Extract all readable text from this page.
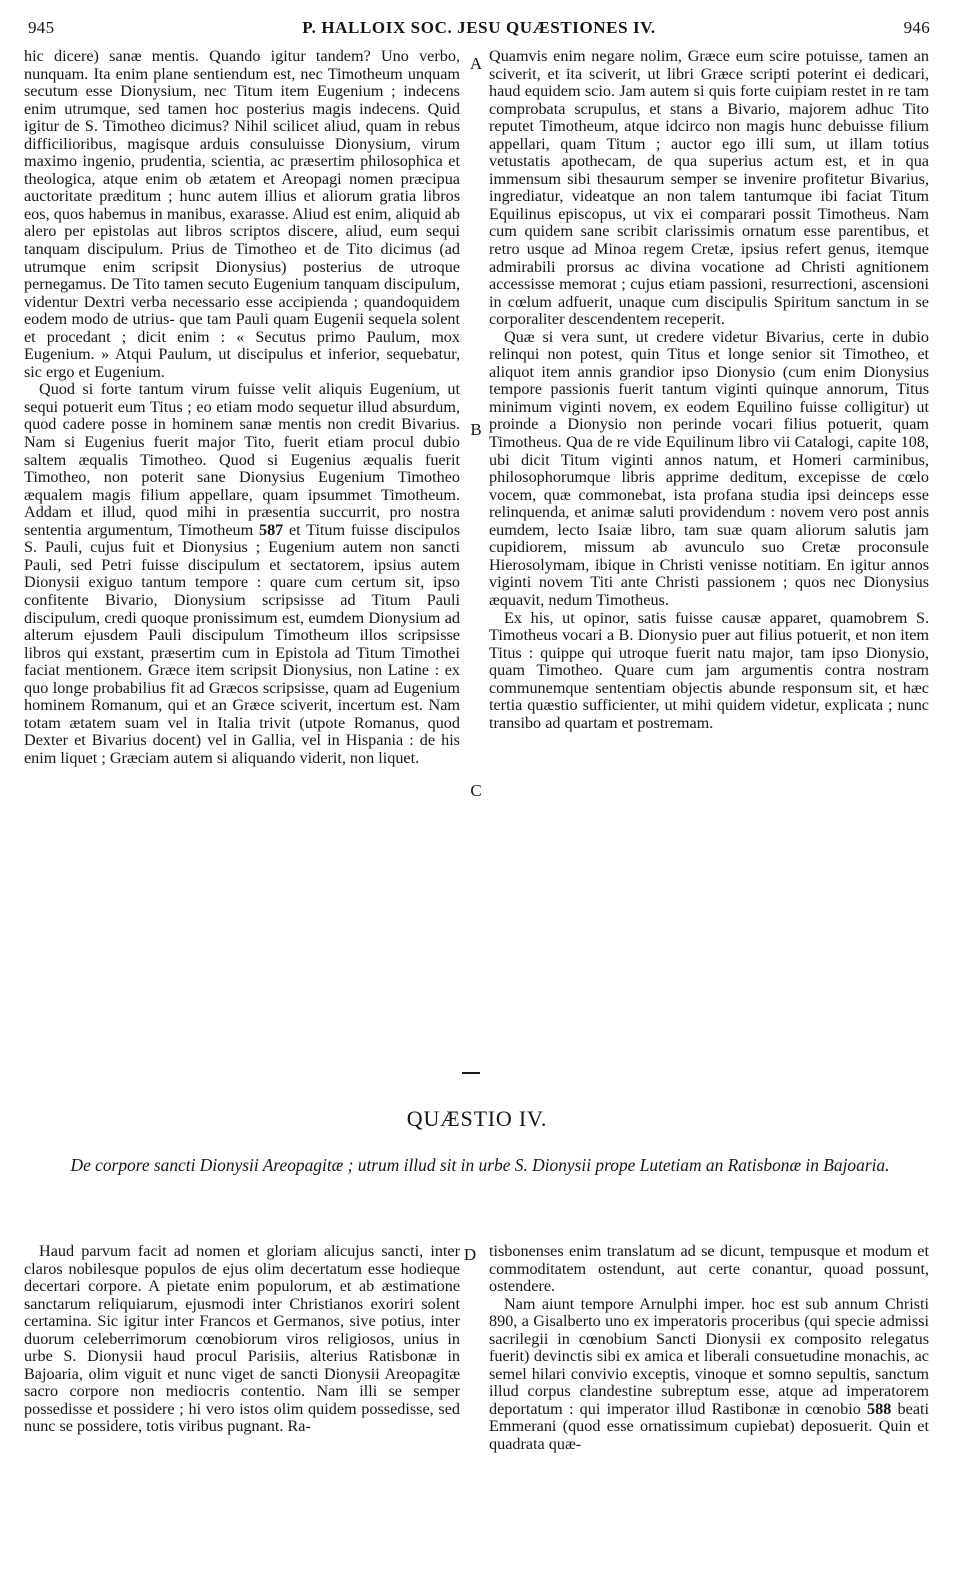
945	P. HALLOIX SOC. JESU QUÆSTIONES IV.	946

hic dicere) sanæ mentis. Quando igitur tandem? Uno verbo, nunquam. Ita enim plane sentiendum est, nec Timotheum unquam secutum esse Dionysium, nec Titum item Eugenium ; indecens enim utrumque, sed tamen hoc posterius magis indecens. Quid igitur de S. Timotheo dicimus? Nihil scilicet aliud, quam in rebus difficilioribus, magisque arduis consuluisse Dionysium, virum maximo ingenio, prudentia, scientia, ac præsertim philosophica et theologica, atque enim ob ætatem et Areopagi nomen præcipua auctoritate præditum ; hunc autem illius et aliorum gratia libros eos, quos habemus in manibus, exarasse. Aliud est enim, aliquid ab alero per epistolas aut libros scriptos discere, aliud, eum sequi tanquam discipulum. Prius de Timotheo et de Tito dicimus (ad utrumque enim scripsit Dionysius) posterius de utroque pernegamus. De Tito tamen secuto Eugenium tanquam discipulum, videntur Dextri verba necessario esse accipienda ; quandoquidem eodem modo de utrius- que tam Pauli quam Eugenii sequela solent et procedant ; dicit enim : « Secutus primo Paulum, mox Eugenium. » Atqui Paulum, ut discipulus et inferior, sequebatur, sic ergo et Eugenium.

Quod si forte tantum virum fuisse velit aliquis Eugenium, ut sequi potuerit eum Titus ; eo etiam modo sequetur illud absurdum, quod cadere posse in hominem sanæ mentis non credit Bivarius. Nam si Eugenius fuerit major Tito, fuerit etiam procul dubio saltem æqualis Timotheo. Quod si Eugenius æqualis fuerit Timotheo, non poterit sane Dionysius Eugenium Timotheo æqualem magis filium appellare, quam ipsummet Timotheum. Addam et illud, quod mihi in præsentia succurrit, pro nostra sententia argumentum, Timotheum 587 et Titum fuisse discipulos S. Pauli, cujus fuit et Dionysius ; Eugenium autem non sancti Pauli, sed Petri fuisse discipulum et sectatorem, ipsius autem Dionysii exiguo tantum tempore : quare cum certum sit, ipso confitente Bivario, Dionysium scripsisse ad Titum Pauli discipulum, credi quoque pronissimum est, eumdem Dionysium ad alterum ejusdem Pauli discipulum Timotheum illos scripsisse libros qui exstant, præsertim cum in Epistola ad Titum Timothei faciat mentionem. Græce item scripsit Dionysius, non Latine : ex quo longe probabilius fit ad Græcos scripsisse, quam ad Eugenium hominem Romanum, qui et an Græce sciverit, incertum est. Nam totam ætatem suam vel in Italia trivit (utpote Romanus, quod Dexter et Bivarius docent) vel in Gallia, vel in Hispania : de his enim liquet ; Græciam autem si aliquando viderit, non liquet.

A
B
C

Quamvis enim negare nolim, Græce eum scire potuisse, tamen an sciverit, et ita sciverit, ut libri Græce scripti poterint ei dedicari, haud equidem scio. Jam autem si quis forte cuipiam restet in re tam comprobata scrupulus, et stans a Bivario, majorem adhuc Tito reputet Timotheum, atque idcirco non magis hunc debuisse filium appellari, quam Titum ; auctor ego illi sum, ut illam totius vetustatis apothecam, de qua superius actum est, et in qua immensum sibi thesaurum semper se invenire profitetur Bivarius, ingrediatur, videatque an non talem tantumque ibi faciat Titum Equilinus episcopus, ut vix ei comparari possit Timotheus. Nam cum quidem sane scribit clarissimis ornatum esse parentibus, et retro usque ad Minoa regem Cretæ, ipsius refert genus, itemque admirabili prorsus ac divina vocatione ad Christi agnitionem accessisse memorat ; cujus etiam passioni, resurrectioni, ascensioni in cœlum adfuerit, unaque cum discipulis Spiritum sanctum in se corporaliter descendentem receperit.

Quæ si vera sunt, ut credere videtur Bivarius, certe in dubio relinqui non potest, quin Titus et longe senior sit Timotheo, et aliquot item annis grandior ipso Dionysio (cum enim Dionysius tempore passionis fuerit tantum viginti quinque annorum, Titus minimum viginti novem, ex eodem Equilino fuisse colligitur) ut proinde a Dionysio non perinde vocari filius potuerit, quam Timotheus. Qua de re vide Equilinum libro vii Catalogi, capite 108, ubi dicit Titum viginti annos natum, et Homeri carminibus, philosophorumque libris apprime deditum, excepisse de cœlo vocem, quæ commonebat, ista profana studia ipsi deinceps esse relinquenda, et animæ saluti providendum : novem vero post annis eumdem, lecto Isaiæ libro, tam suæ quam aliorum salutis jam cupidiorem, missum ab avunculo suo Cretæ proconsule Hierosolymam, ibique in Christi venisse notitiam. En igitur annos viginti novem Titi ante Christi passionem ; quos nec Dionysius æquavit, nedum Timotheus.

Ex his, ut opinor, satis fuisse causæ apparet, quamobrem S. Timotheus vocari a B. Dionysio puer aut filius potuerit, et non item Titus : quippe qui utroque fuerit natu major, tam ipso Dionysio, quam Timotheo. Quare cum jam argumentis contra nostram communemque sententiam objectis abunde responsum sit, et hæc tertia quæstio sufficienter, ut mihi quidem videtur, explicata ; nunc transibo ad quartam et postremam.

QUÆSTIO IV.
De corpore sancti Dionysii Areopagitæ ; utrum illud sit in urbe S. Dionysii prope Lutetiam an Ratisbonæ in Bajoaria.

Haud parvum facit ad nomen et gloriam alicujus sancti, inter claros nobilesque populos de ejus olim decertatum esse hodieque decertari corpore. A pietate enim populorum, et ab æstimatione sanctarum reliquiarum, ejusmodi inter Christianos exoriri solent certamina. Sic igitur inter Francos et Germanos, sive potius, inter duorum celeberrimorum cœnobiorum viros religiosos, unius in urbe S. Dionysii haud procul Parisiis, alterius Ratisbonæ in Bajoaria, olim viguit et nunc viget de sancti Dionysii Areopagitæ sacro corpore non mediocris contentio. Nam illi se semper possedisse et possidere ; hi vero istos olim quidem possedisse, sed nunc se possidere, totis viribus pugnant. Ra-

D tisbonenses enim translatum ad se dicunt, tempusque et modum et commoditatem ostendunt, aut certe conantur, quoad possunt, ostendere.

Nam aiunt tempore Arnulphi imper. hoc est sub annum Christi 890, a Gisalberto uno ex imperatoris proceribus (qui specie admissi sacrilegii in cœnobium Sancti Dionysii ex composito relegatus fuerit) devinctis sibi ex amica et liberali consuetudine monachis, ac semel hilari convivio exceptis, vinoque et somno sepultis, sanctum illud corpus clandestine subreptum esse, atque ad imperatorem deportatum : qui imperator illud Rastibonæ in cœnobio 588 beati Emmerani (quod esse ornatissimum cupiebat) deposuerit. Quin et quadrata quæ-
